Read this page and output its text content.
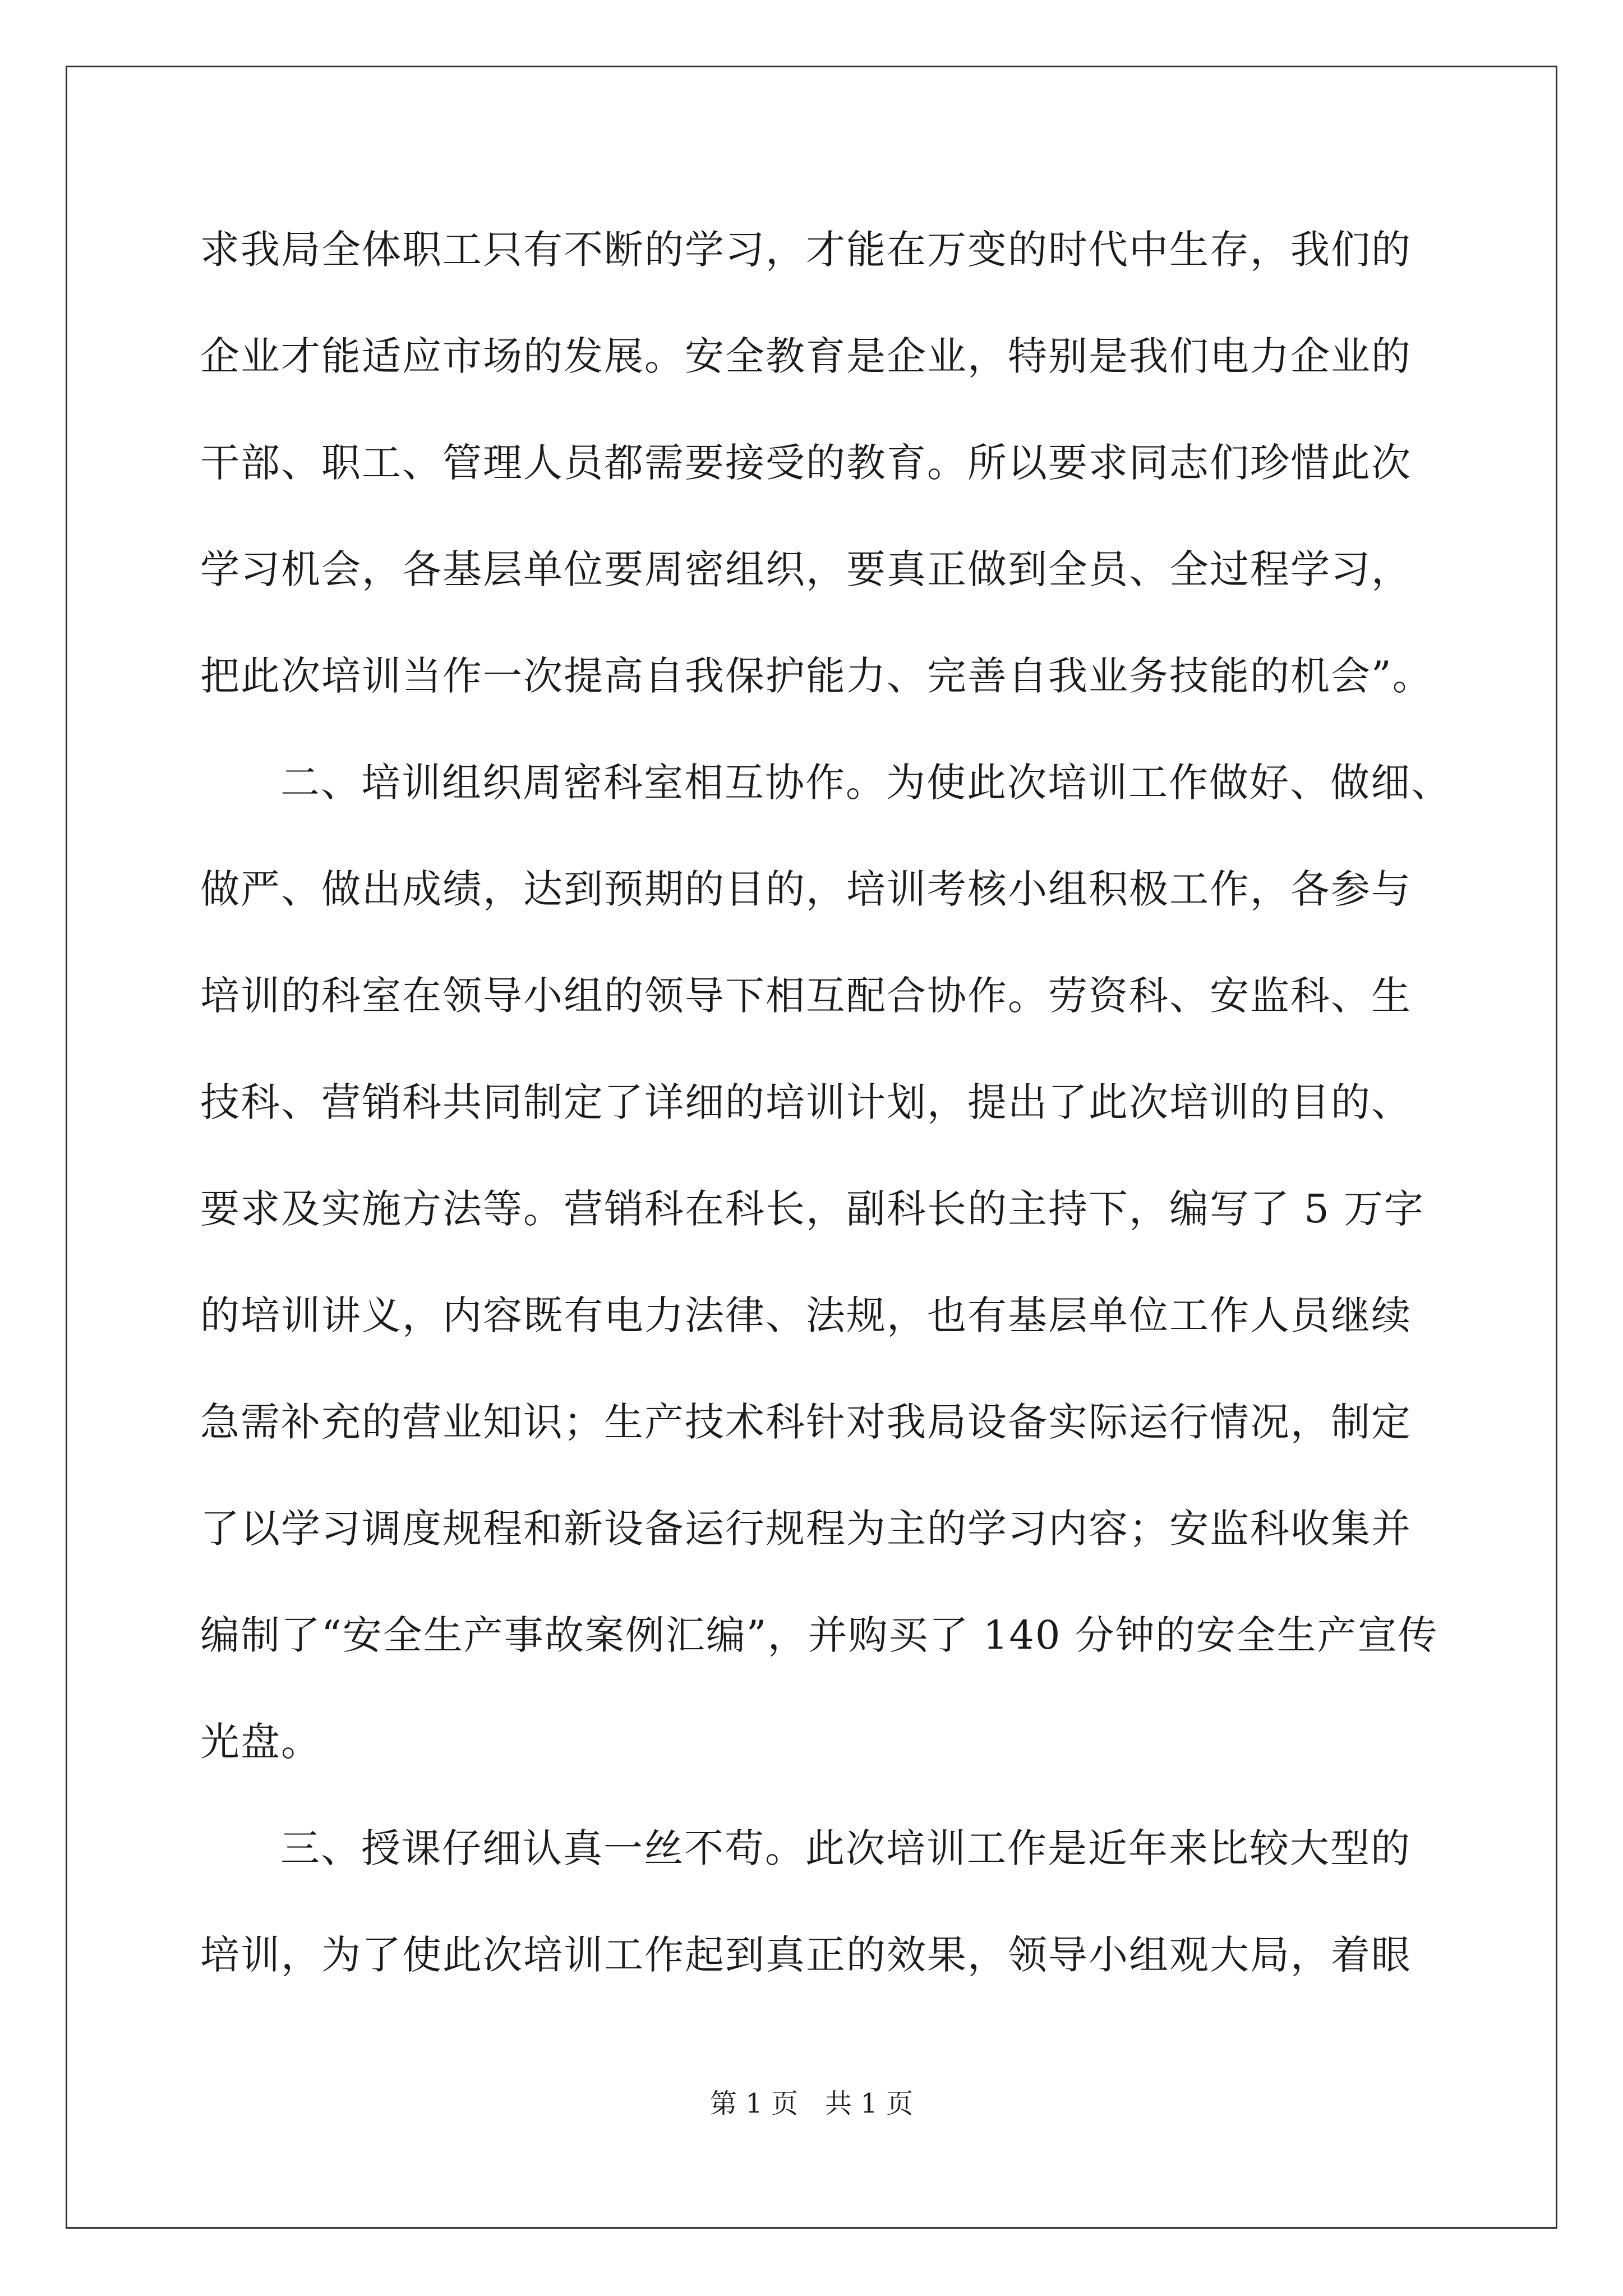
求我局全体职工只有不断的学习，才能在万变的时代中生存，我们的
企业才能适应市场的发展。安全教育是企业，特别是我们电力企业的
干部、职工、管理人员都需要接受的教育。所以要求同志们珍惜此次
学习机会，各基层单位要周密组织，要真正做到全员、全过程学习，
把此次培训当作一次提高自我保护能力、完善自我业务技能的机会”。
二、培训组织周密科室相互协作。为使此次培训工作做好、做细、
做严、做出成绩，达到预期的目的，培训考核小组积极工作，各参与
培训的科室在领导小组的领导下相互配合协作。劳资科、安监科、生
技科、营销科共同制定了详细的培训计划，提出了此次培训的目的、
要求及实施方法等。营销科在科长，副科长的主持下，编写了 5 万字
的培训讲义，内容既有电力法律、法规，也有基层单位工作人员继续
急需补充的营业知识；生产技术科针对我局设备实际运行情况，制定
了以学习调度规程和新设备运行规程为主的学习内容；安监科收集并
编制了“安全生产事故案例汇编”，并购买了 140 分钟的安全生产宣传
光盘。
三、授课仔细认真一丝不苟。此次培训工作是近年来比较大型的
培训，为了使此次培训工作起到真正的效果，领导小组观大局，着眼
第 1 页　共 1 页
